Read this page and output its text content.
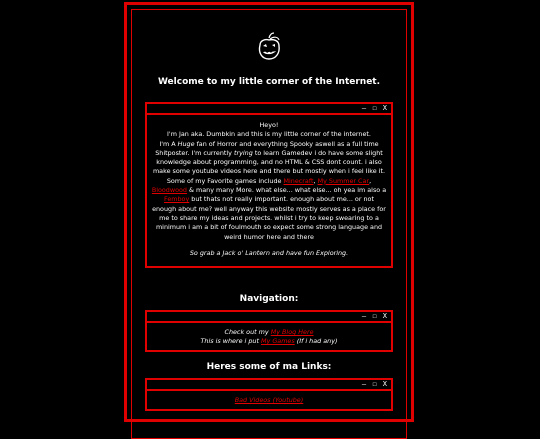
Welcome to my little corner of the Internet.
– ☐ X
Heyo!
I'm Jan aka. Dumbkin and this is my little corner of the internet.
I'm A Huge fan of Horror and everything Spooky aswell as a full time Shitposter. I'm currently trying to learn Gamedev i do have some slight knowledge about programming, and no HTML & CSS dont count. i also make some youtube videos here and there but mostly when i feel like it. Some of my Favorite games include Minecraft, My Summer Car, Bloodwood & many many More. what else... what else... oh yea im also a Femboy but thats not really important. enough about me... or not enough about me? well anyway this website mostly serves as a place for me to share my ideas and projects. whilst i try to keep swearing to a minimum i am a bit of foulmouth so expect some strong language and weird humor here and there
So grab a Jack o' Lantern and have fun Exploring.
Navigation:
– ☐ X
Check out my My Blog Here
This is where i put My Games (If i had any)
Heres some of ma Links:
– ☐ X
Bad Videos (Youtube)
